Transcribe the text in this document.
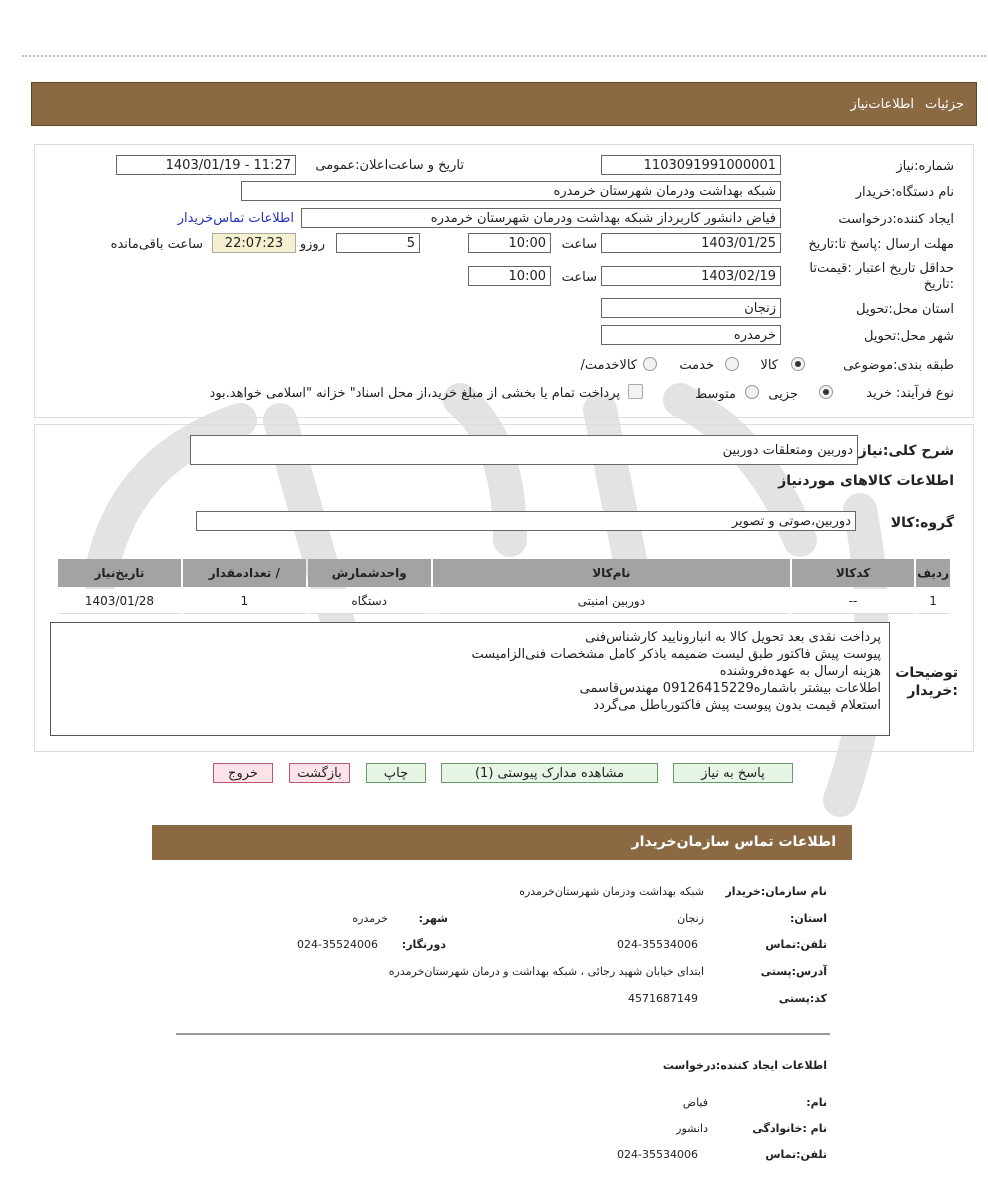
جزئیات
اطلاعات‌نیاز
شماره:نیاز
1103091991000001
تاریخ و ساعت‌اعلان:عمومی
1403/01/19 - 11:27
نام دستگاه:خریدار
شبکه بهداشت ودرمان شهرستان خرمدره
ایجاد کننده:درخواست
فیاض دانشور کاربرداز شبکه بهداشت ودرمان شهرستان خرمدره
اطلاعات تماس‌خریدار
مهلت ارسال :پاسخ تا:تاریخ
1403/01/25
ساعت
10:00
5
روزو
22:07:23
ساعت باقی‌مانده
حداقل تاریخ اعتبار :قیمت‌تا :تاریخ
1403/02/19
ساعت
10:00
استان محل:تحویل
زنجان
شهر محل:تحویل
خرمدره
طبقه بندی:موضوعی
کالا
خدمت
/کالاخدمت
نوع فرآیند: خرید
جزیی
متوسط
پرداخت تمام یا بخشی از مبلغ خرید،از محل اسناد" خزانه "اسلامی خواهد.بود
شرح کلی:نیاز
دوربین ومتعلقات دوربین
اطلاعات کالاهای موردنیاز
گروه:کالا
دوربین،صوتی و تصویر
ردیف	کدکالا	نام‌کالا	واحدشمارش	/ تعدادمقدار	تاریخ‌نیاز
1	--	دوربین امنیتی	دستگاه	1	1403/01/28
توضیحات :خریدار
پرداخت نقدی بعد تحویل کالا به انبارونایید کارشناس‌فنی
پیوست پیش فاکتور طبق لیست ضمیمه باذکر کامل مشخصات فنی‌الزامیست
هزینه ارسال به عهده‌فروشنده
اطلاعات بیشتر باشماره09126415229 مهندس‌قاسمی
استعلام قیمت بدون پیوست پیش فاکتورباطل می‌گردد
پاسخ به نیاز
مشاهده مدارک پیوستی (1)
چاپ
بازگشت
خروج
اطلاعات تماس سازمان‌خریدار
نام سازمان:خریدار
شبکه بهداشت ودرمان شهرستان‌خرمدره
:استان
زنجان
:شهر
خرمدره
تلفن:تماس
024-35534006
:دورنگار
024-35524006
آدرس:پستی
ابتدای خیابان شهید رجائی ، شبکه بهداشت و درمان شهرستان‌خرمدره
کد:پستی
4571687149
اطلاعات ایجاد کننده:درخواست
:نام
فیاض
نام :خانوادگی
دانشور
تلفن:تماس
024-35534006
